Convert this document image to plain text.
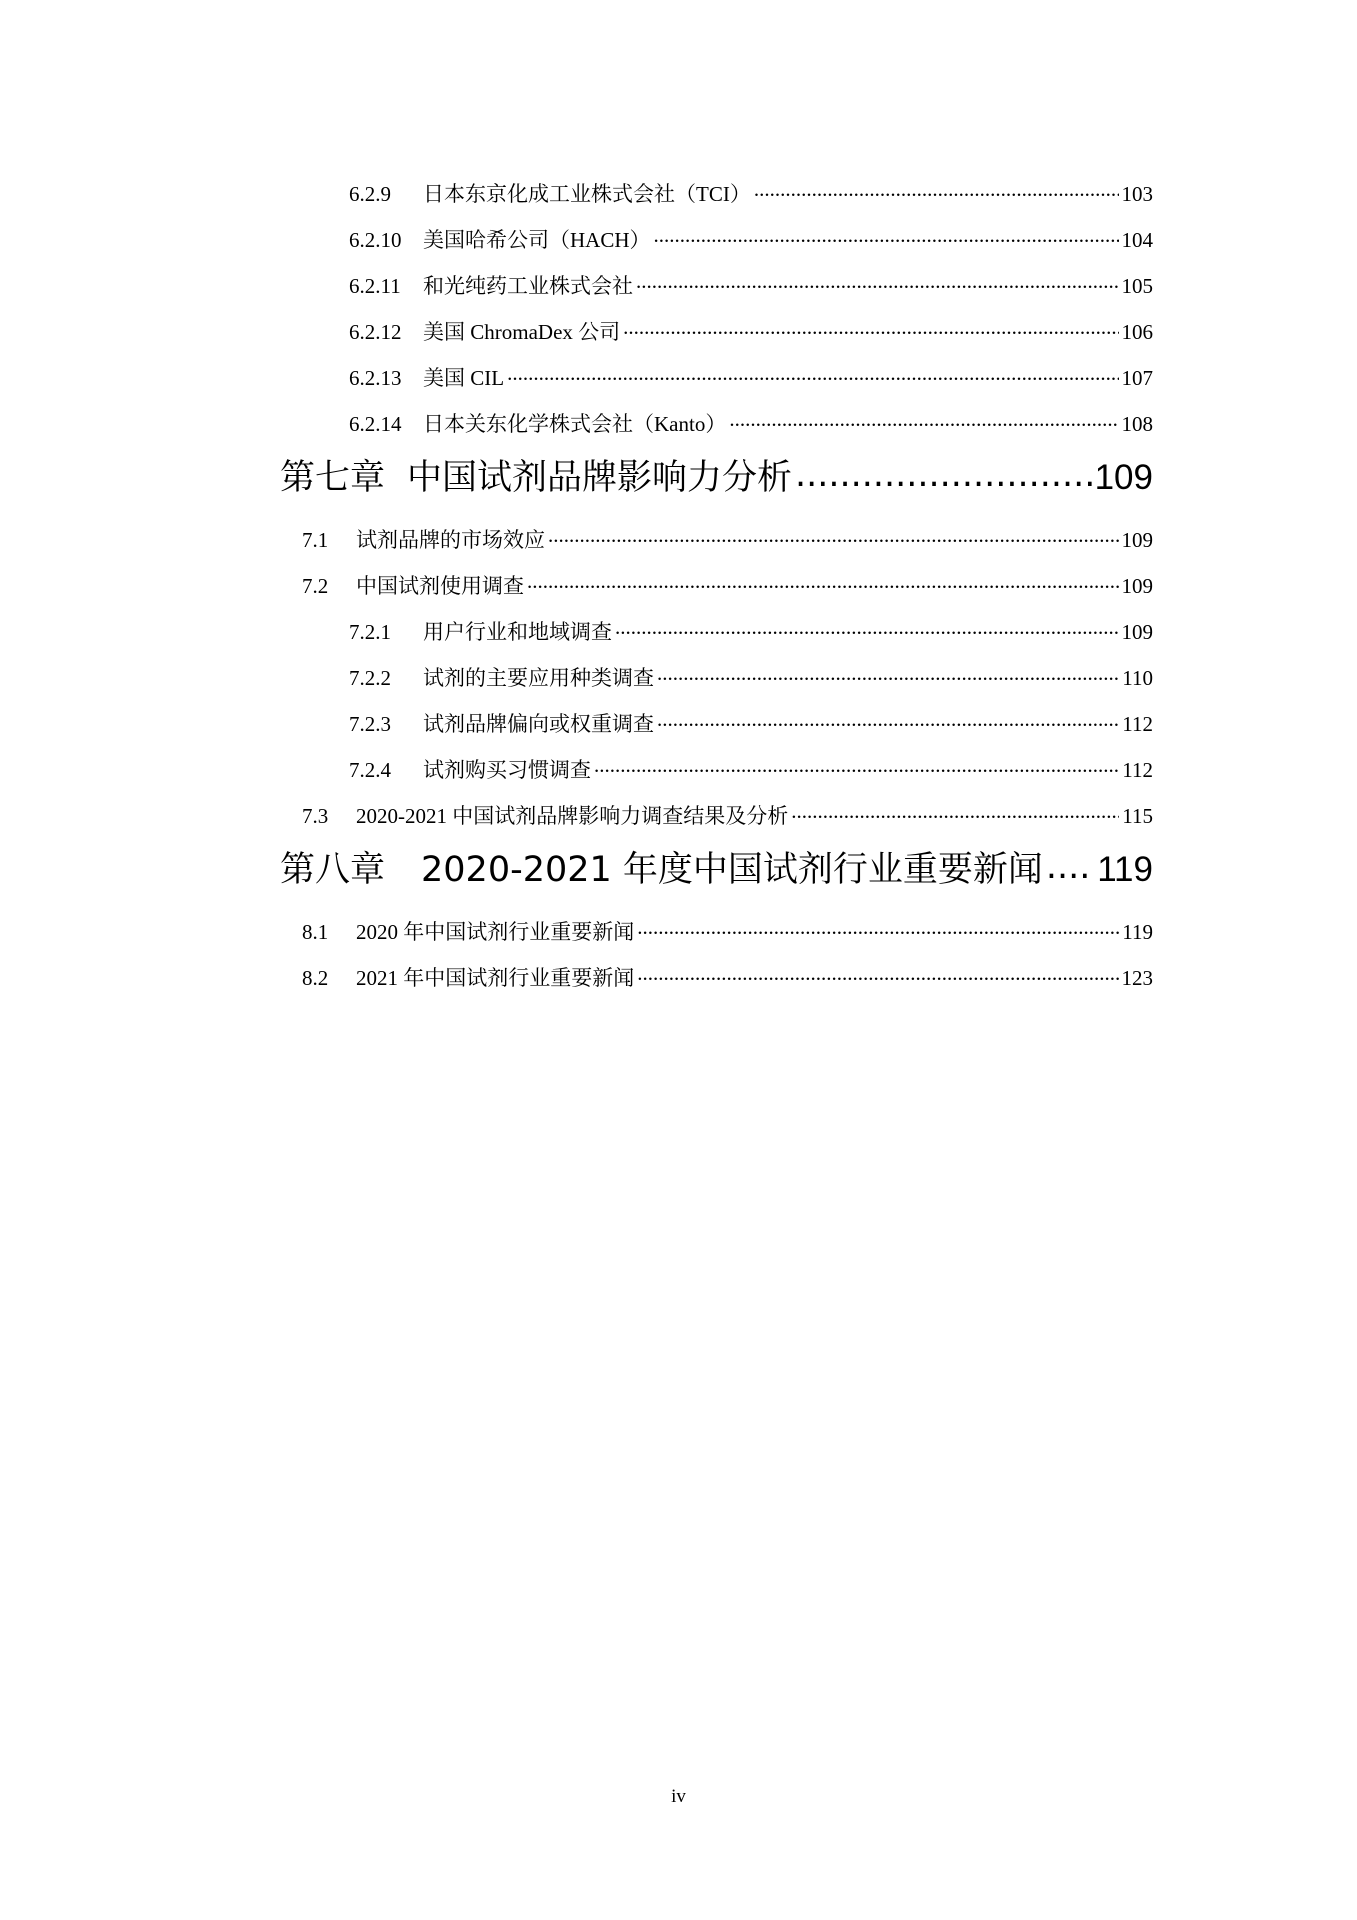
6.2.9	日本东京化成工业株式会社（TCI） .....	103
6.2.10	美国哈希公司（HACH） .....	104
6.2.11	和光纯药工业株式会社 .....	105
6.2.12	美国 ChromaDex 公司 .....	106
6.2.13	美国 CIL .....	107
6.2.14	日本关东化学株式会社（Kanto） .....	108
第七章 中国试剂品牌影响力分析 .....	109
7.1	试剂品牌的市场效应 .....	109
7.2	中国试剂使用调查 .....	109
7.2.1	用户行业和地域调查 .....	109
7.2.2	试剂的主要应用种类调查 .....	110
7.2.3	试剂品牌偏向或权重调查 .....	112
7.2.4	试剂购买习惯调查 .....	112
7.3	2020-2021 中国试剂品牌影响力调查结果及分析 .....	115
第八章 2020-2021 年度中国试剂行业重要新闻 ..... 119
8.1	2020 年中国试剂行业重要新闻 .....	119
8.2	2021 年中国试剂行业重要新闻 .....	123
iv
